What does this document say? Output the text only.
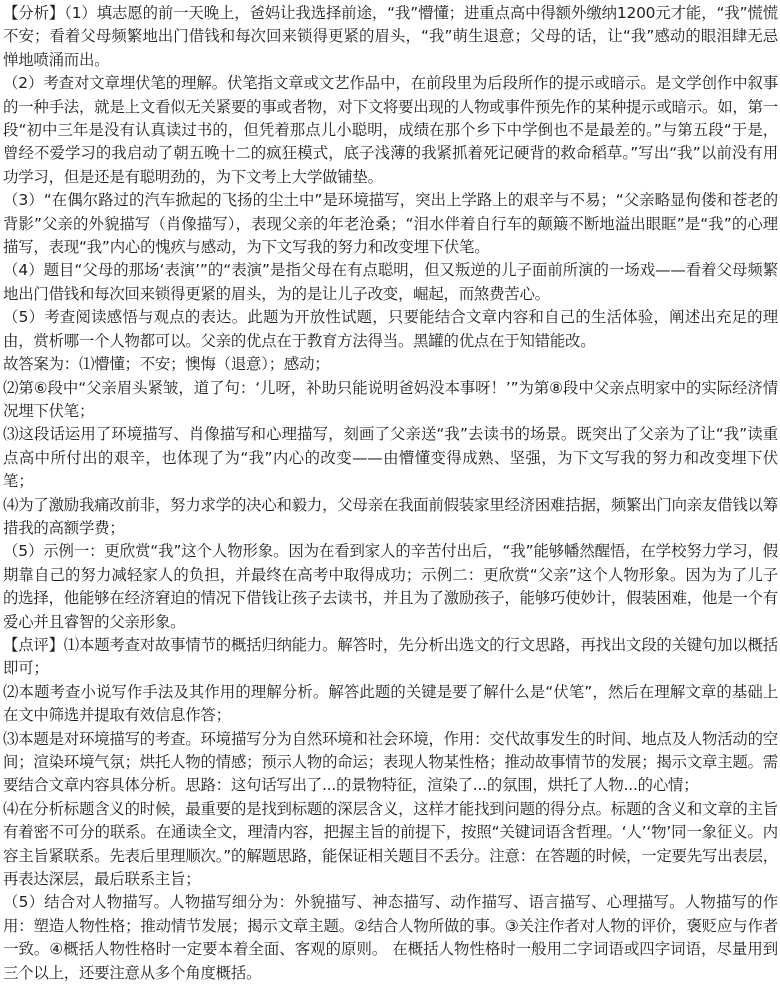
【分析】（1）填志愿的前一天晚上，爸妈让我选择前途，“我”懵懂；进重点高中得额外缴纳1200元才能，“我”慌慌不安；看着父母频繁地出门借钱和每次回来锁得更紧的眉头，“我”萌生退意；父母的话，让“我”感动的眼泪肆无忌惮地喷涌而出。

（2）考查对文章埋伏笔的理解。伏笔指文章或文艺作品中，在前段里为后段所作的提示或暗示。是文学创作中叙事的一种手法，就是上文看似无关紧要的事或者物，对下文将要出现的人物或事件预先作的某种提示或暗示。如，第一段“初中三年是没有认真读过书的，但凭着那点儿小聪明，成绩在那个乡下中学倒也不是最差的。”与第五段“于是，曾经不爱学习的我启动了朝五晚十二的疯狂模式，底子浅薄的我紧抓着死记硬背的救命稻草。”写出“我”以前没有用功学习，但是还是有聪明劲的，为下文考上大学做铺垫。

（3）“在偶尔路过的汽车掀起的飞扬的尘土中”是环境描写，突出上学路上的艰辛与不易；“父亲略显佝偻和苍老的背影”父亲的外貌描写（肖像描写），表现父亲的年老沧桑；“泪水伴着自行车的颠簸不断地溢出眼眶”是“我”的心理描写，表现“我”内心的愧疚与感动，为下文写我的努力和改变埋下伏笔。

（4）题目“父母的那场‘表演’”的“表演”是指父母在有点聪明，但又叛逆的儿子面前所演的一场戏——看着父母频繁地出门借钱和每次回来锁得更紧的眉头，为的是让儿子改变，崛起，而煞费苦心。

（5）考查阅读感悟与观点的表达。此题为开放性试题，只要能结合文章内容和自己的生活体验，阐述出充足的理由，赏析哪一个人物都可以。父亲的优点在于教育方法得当。黑罐的优点在于知错能改。

故答案为：⑴懵懂；不安；懊悔（退意）；感动；

⑵第⑥段中“父亲眉头紧皱，道了句：‘儿呀，补助只能说明爸妈没本事呀！’”为第⑧段中父亲点明家中的实际经济情况埋下伏笔；

⑶这段话运用了环境描写、肖像描写和心理描写，刻画了父亲送“我”去读书的场景。既突出了父亲为了让“我”读重点高中所付出的艰辛，也体现了为“我”内心的改变——由懵懂变得成熟、坚强，为下文写我的努力和改变埋下伏笔；

⑷为了激励我痛改前非，努力求学的决心和毅力，父母亲在我面前假装家里经济困难拮据，频繁出门向亲友借钱以筹措我的高额学费；

（5）示例一：更欣赏“我”这个人物形象。因为在看到家人的辛苦付出后，“我”能够幡然醒悟，在学校努力学习，假期靠自己的努力减轻家人的负担，并最终在高考中取得成功；示例二：更欣赏“父亲”这个人物形象。因为为了儿子的选择，他能够在经济窘迫的情况下借钱让孩子去读书，并且为了激励孩子，能够巧使妙计，假装困难，他是一个有爱心并且睿智的父亲形象。

【点评】⑴本题考查对故事情节的概括归纳能力。解答时，先分析出选文的行文思路，再找出文段的关键句加以概括即可；

⑵本题考查小说写作手法及其作用的理解分析。解答此题的关键是要了解什么是“伏笔”，然后在理解文章的基础上在文中筛选并提取有效信息作答；

⑶本题是对环境描写的考查。环境描写分为自然环境和社会环境，作用：交代故事发生的时间、地点及人物活动的空间；渲染环境气氛；烘托人物的情感；预示人物的命运；表现人物某性格；推动故事情节的发展；揭示文章主题。需要结合文章内容具体分析。思路：这句话写出了...的景物特征，渲染了...的氛围，烘托了人物...的心情；

⑷在分析标题含义的时候，最重要的是找到标题的深层含义，这样才能找到问题的得分点。标题的含义和文章的主旨有着密不可分的联系。在通读全文，理清内容，把握主旨的前提下，按照“关键词语含哲理。‘人’‘物’同一象征义。内容主旨紧联系。先表后里理顺次。”的解题思路，能保证相关题目不丢分。注意：在答题的时候，一定要先写出表层，再表达深层，最后联系主旨；

（5）结合对人物描写。人物描写细分为：外貌描写、神态描写、动作描写、语言描写、心理描写。人物描写的作用：塑造人物性格；推动情节发展；揭示文章主题。②结合人物所做的事。③关注作者对人物的评价，褒贬应与作者一致。④概括人物性格时一定要本着全面、客观的原则。 在概括人物性格时一般用二字词语或四字词语，尽量用到三个以上，还要注意从多个角度概括。
